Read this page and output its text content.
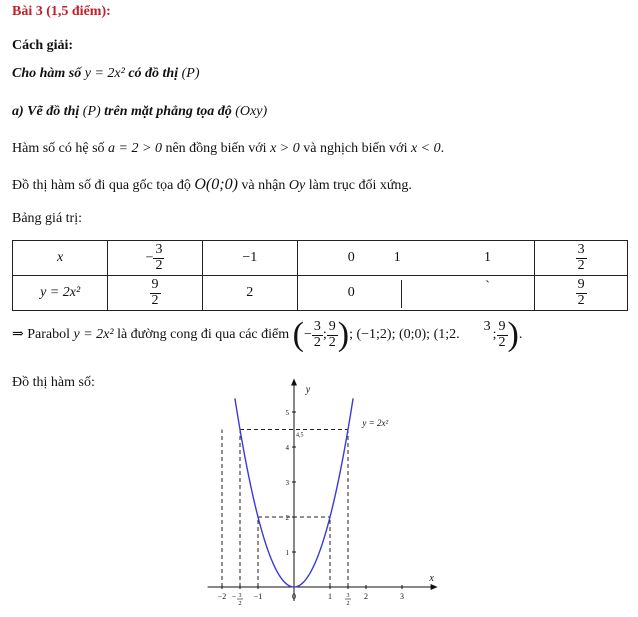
Bài 3 (1,5 điểm):
Cách giải:
Cho hàm số y = 2x² có đồ thị (P)
a) Vẽ đồ thị (P) trên mặt phẳng tọa độ (Oxy)
Hàm số có hệ số a = 2 > 0 nên đồng biến với x > 0 và nghịch biến với x < 0.
Đồ thị hàm số đi qua gốc tọa độ O(0;0) và nhận Oy làm trục đối xứng.
Bảng giá trị:
x	− $\frac{3}{2}$	−1	0 1	1	$\frac{3}{2}$

y = 2x²	$\frac{9}{2}$	2	0	`	$\frac{9}{2}$
⇒ Parabol y = 2x² là đường cong đi qua các điểm (− $\frac{3}{2}$ ; $\frac{9}{2}$ ); (−1;2); (0;0); (1;2.
3

; $\frac{9}{2}$ ).
Đồ thị hàm số:
x
y
−2 − 3
2
−1	0	1 3
2
2	3
1
2
3
4
5
4,5
y = 2x²
